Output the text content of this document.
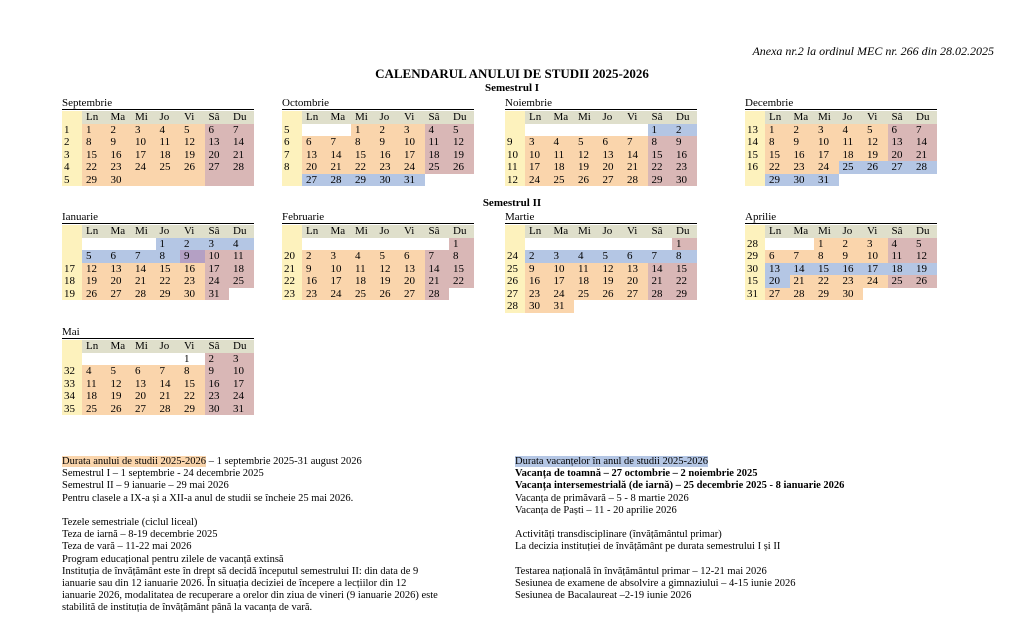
Anexa nr.2 la ordinul MEC nr. 266 din 28.02.2025
CALENDARUL ANULUI DE STUDII 2025-2026
Semestrul I
Semestrul II
Septembrie
	Ln	Ma	Mi	Jo	Vi	Sâ	Du
1	1	2	3	4	5	6	7
2	8	9	10	11	12	13	14
3	15	16	17	18	19	20	21
4	22	23	24	25	26	27	28
5	29	30					
Octombrie
	Ln	Ma	Mi	Jo	Vi	Sâ	Du
5			1	2	3	4	5
6	6	7	8	9	10	11	12
7	13	14	15	16	17	18	19
8	20	21	22	23	24	25	26
	27	28	29	30	31		
Noiembrie
	Ln	Ma	Mi	Jo	Vi	Sâ	Du
						1	2
9	3	4	5	6	7	8	9
10	10	11	12	13	14	15	16
11	17	18	19	20	21	22	23
12	24	25	26	27	28	29	30
Decembrie
	Ln	Ma	Mi	Jo	Vi	Sâ	Du
13	1	2	3	4	5	6	7
14	8	9	10	11	12	13	14
15	15	16	17	18	19	20	21
16	22	23	24	25	26	27	28
	29	30	31				
Ianuarie
	Ln	Ma	Mi	Jo	Vi	Sâ	Du
				1	2	3	4
	5	6	7	8	9	10	11
17	12	13	14	15	16	17	18
18	19	20	21	22	23	24	25
19	26	27	28	29	30	31	
Februarie
	Ln	Ma	Mi	Jo	Vi	Sâ	Du
							1
20	2	3	4	5	6	7	8
21	9	10	11	12	13	14	15
22	16	17	18	19	20	21	22
23	23	24	25	26	27	28	
Martie
	Ln	Ma	Mi	Jo	Vi	Sâ	Du
							1
24	2	3	4	5	6	7	8
25	9	10	11	12	13	14	15
26	16	17	18	19	20	21	22
27	23	24	25	26	27	28	29
28	30	31					
Aprilie
	Ln	Ma	Mi	Jo	Vi	Sâ	Du
28			1	2	3	4	5
29	6	7	8	9	10	11	12
30	13	14	15	16	17	18	19
15	20	21	22	23	24	25	26
31	27	28	29	30			
Mai
	Ln	Ma	Mi	Jo	Vi	Sâ	Du
					1	2	3
32	4	5	6	7	8	9	10
33	11	12	13	14	15	16	17
34	18	19	20	21	22	23	24
35	25	26	27	28	29	30	31
Durata anului de studii 2025-2026 – 1 septembrie 2025-31 august 2026
Semestrul I – 1 septembrie - 24 decembrie 2025
Semestrul II – 9 ianuarie – 29 mai 2026
Pentru clasele a IX-a și a XII-a anul de studii se încheie 25 mai 2026.

Tezele semestriale (ciclul liceal)
Teza de iarnă – 8-19 decembrie 2025
Teza de vară – 11-22 mai 2026
Program educațional pentru zilele de vacanță extinsă
Instituția de învățământ este în drept să decidă începutul semestrului II: din data de 9
ianuarie sau din 12 ianuarie 2026. În situația deciziei de începere a lecțiilor din 12
ianuarie 2026, modalitatea de recuperare a orelor din ziua de vineri (9 ianuarie 2026) este
stabilită de instituția de învățământ până la vacanța de vară.
Durata vacanțelor în anul de studii 2025-2026
Vacanța de toamnă – 27 octombrie – 2 noiembrie 2025
Vacanța intersemestrială (de iarnă) – 25 decembrie 2025 - 8 ianuarie 2026
Vacanța de primăvară – 5 - 8 martie 2026
Vacanța de Paști – 11 - 20 aprilie 2026

Activități transdisciplinare (învățământul primar)
La decizia instituției de învățământ pe durata semestrului I și II

Testarea națională în învățământul primar – 12-21 mai 2026
Sesiunea de examene de absolvire a gimnaziului – 4-15 iunie 2026
Sesiunea de Bacalaureat –2-19 iunie 2026
